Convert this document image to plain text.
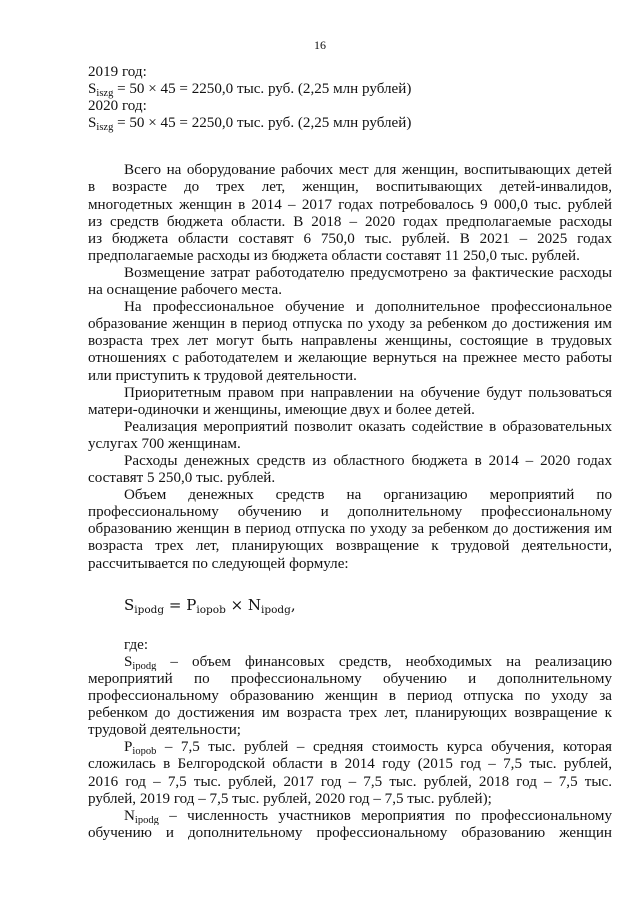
16
2019 год:
$S_{iszg} = 50 \times 45 = 2250,0$ тыс. руб. (2,25 млн рублей)
2020 год:
$S_{iszg} = 50 \times 45 = 2250,0$ тыс. руб. (2,25 млн рублей)
Всего на оборудование рабочих мест для женщин, воспитывающих детей
в возрасте до трех лет, женщин, воспитывающих детей-инвалидов,
многодетных женщин в 2014 – 2017 годах потребовалось 9 000,0 тыс. рублей
из средств бюджета области. В 2018 – 2020 годах предполагаемые расходы
из бюджета области составят 6 750,0 тыс. рублей. В 2021 – 2025 годах
предполагаемые расходы из бюджета области составят 11 250,0 тыс. рублей.
Возмещение затрат работодателю предусмотрено за фактические расходы
на оснащение рабочего места.
На профессиональное обучение и дополнительное профессиональное
образование женщин в период отпуска по уходу за ребенком до достижения им
возраста трех лет могут быть направлены женщины, состоящие в трудовых
отношениях с работодателем и желающие вернуться на прежнее место работы
или приступить к трудовой деятельности.
Приоритетным правом при направлении на обучение будут пользоваться
матери-одиночки и женщины, имеющие двух и более детей.
Реализация мероприятий позволит оказать содействие в образовательных
услугах 700 женщинам.
Расходы денежных средств из областного бюджета в 2014 – 2020 годах
составят 5 250,0 тыс. рублей.
Объем денежных средств на организацию мероприятий по
профессиональному обучению и дополнительному профессиональному
образованию женщин в период отпуска по уходу за ребенком до достижения им
возраста трех лет, планирующих возвращение к трудовой деятельности,
рассчитывается по следующей формуле:
$S_{ipodg} = P_{iopob} \times N_{ipodg}$,
где:
$S_{ipodg}$ – объем финансовых средств, необходимых на реализацию
мероприятий по профессиональному обучению и дополнительному
профессиональному образованию женщин в период отпуска по уходу за
ребенком до достижения им возраста трех лет, планирующих возвращение к
трудовой деятельности;
$P_{iopob} - 7,5$ тыс. рублей – средняя стоимость курса обучения, которая
сложилась в Белгородской области в 2014 году (2015 год – 7,5 тыс. рублей,
2016 год – 7,5 тыс. рублей, 2017 год – 7,5 тыс. рублей, 2018 год – 7,5 тыс.
рублей, 2019 год – 7,5 тыс. рублей, 2020 год – 7,5 тыс. рублей);
$N_{ipodg}$ – численность участников мероприятия по профессиональному
обучению и дополнительному профессиональному образованию женщин
